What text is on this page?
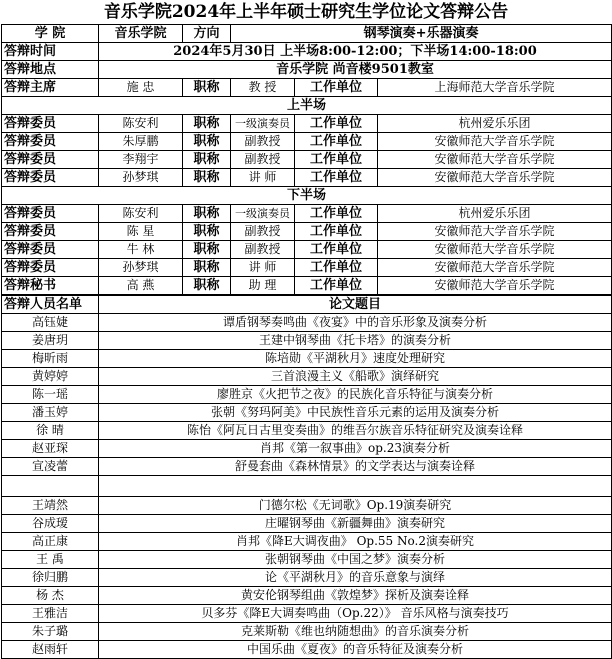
音乐学院2024年上半年硕士研究生学位论文答辩公告
学 院	音乐学院	方向	钢琴演奏+乐器演奏		
答辩时间	2024年5月30日 上半场8:00-12:00；下半场14:00-18:00				
答辩地点	音乐学院 尚音楼9501教室				
答辩主席	施 忠	职称	教 授	工作单位	上海师范大学音乐学院
上半场					
答辩委员	陈安利	职称	一级演奏员	工作单位	杭州爱乐乐团
答辩委员	朱厚鹏	职称	副教授	工作单位	安徽师范大学音乐学院
答辩委员	李翔宇	职称	副教授	工作单位	安徽师范大学音乐学院
答辩委员	孙梦琪	职称	讲 师	工作单位	安徽师范大学音乐学院
下半场					
答辩委员	陈安利	职称	一级演奏员	工作单位	杭州爱乐乐团
答辩委员	陈 星	职称	副教授	工作单位	安徽师范大学音乐学院
答辩委员	牛 林	职称	副教授	工作单位	安徽师范大学音乐学院
答辩委员	孙梦琪	职称	讲 师	工作单位	安徽师范大学音乐学院
答辩秘书	高 燕	职称	助 理	工作单位	安徽师范大学音乐学院
答辩人员名单	论文题目
高钰婕	谭盾钢琴奏鸣曲《夜宴》中的音乐形象及演奏分析
姜唐玥	王建中钢琴曲《托卡塔》的演奏分析
梅昕雨	陈培勋《平湖秋月》速度处理研究
黄婷婷	三首浪漫主义《船歌》演绎研究
陈一瑶	廖胜京《火把节之夜》的民族化音乐特征与演奏分析
潘玉婷	张朝《努玛阿美》中民族性音乐元素的运用及演奏分析
徐 晴	陈怡《阿瓦日古里变奏曲》的维吾尔族音乐特征研究及演奏诠释
赵亚琛	肖邦《第一叙事曲》op.23演奏分析
宣凌蕾	舒曼套曲《森林情景》的文学表达与演奏诠释

王靖然	门德尔松《无词歌》Op.19演奏研究
谷成瑷	庄曜钢琴曲《新疆舞曲》演奏研究
高正康	肖邦《降E大调夜曲》 Op.55 No.2演奏研究
王 禹	张朝钢琴曲《中国之梦》演奏分析
徐归鹏	论《平湖秋月》的音乐意象与演绎
杨 杰	黄安伦钢琴组曲《敦煌梦》探析及演奏诠释
王雅洁	贝多芬《降E大调奏鸣曲（Op.22）》 音乐风格与演奏技巧
朱子璐	克莱斯勒《维也纳随想曲》的音乐演奏分析
赵雨轩	中国乐曲《夏夜》的音乐特征及演奏分析
